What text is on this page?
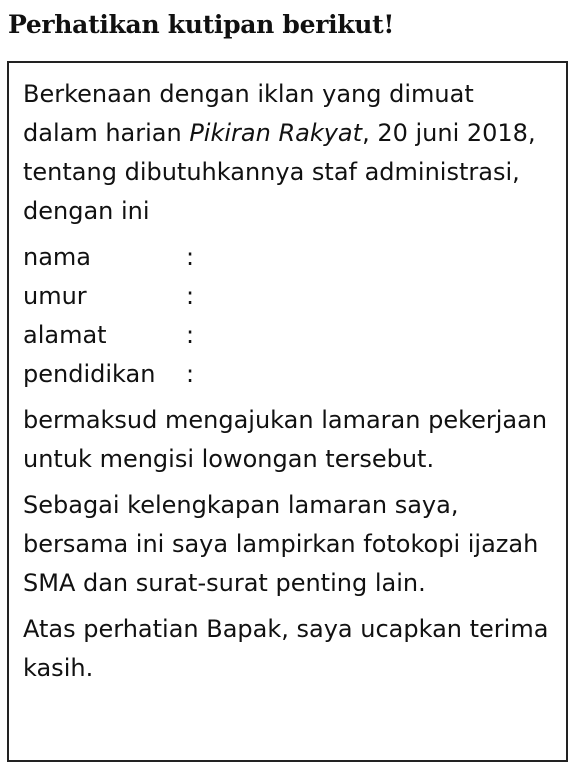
Perhatikan kutipan berikut!

Berkenaan dengan iklan yang dimuat dalam harian Pikiran Rakyat, 20 juni 2018, tentang dibutuhkannya staf administrasi, dengan ini

nama	:
umur	:
alamat	:
pendidikan	:

bermaksud mengajukan lamaran pekerjaan untuk mengisi lowongan tersebut.

Sebagai kelengkapan lamaran saya, bersama ini saya lampirkan fotokopi ijazah SMA dan surat-surat penting lain.

Atas perhatian Bapak, saya ucapkan terima kasih.
